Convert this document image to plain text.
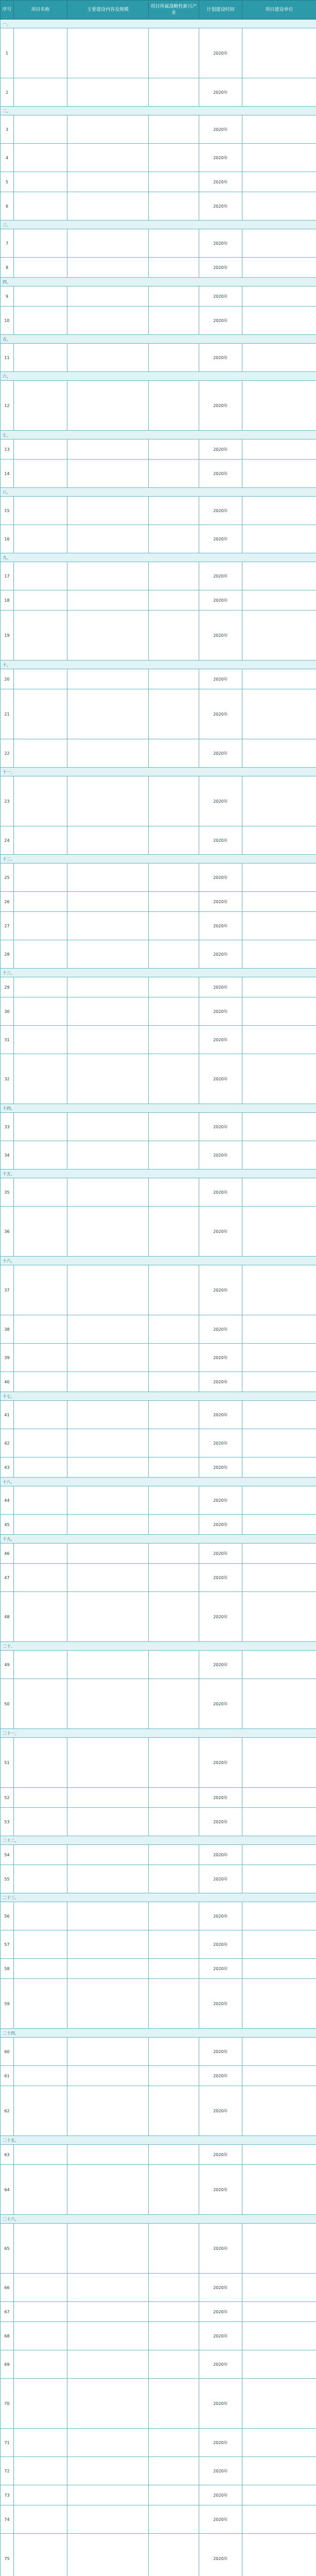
序号	项目名称	主要建设内容及规模	项目所属战略性新兴产业	计划建设时间	项目建设单位
一、					
1				2020年	
2				2020年	
二、					
3				2020年	
4				2020年	
5				2020年	
6				2020年	
三、					
7				2020年	
8				2020年	
四、					
9				2020年	
10				2020年	
五、					
11				2020年	
六、					
12				2020年	
七、					
13				2020年	
14				2020年	
八、					
15				2020年	
16				2020年	
九、					
17				2020年	
18				2020年	
19				2020年	
十、					
20				2020年	
21				2020年	
22				2020年	
十一、					
23				2020年	
24				2020年	
十二、					
25				2020年	
26				2020年	
27				2020年	
28				2020年	
十三、					
29				2020年	
30				2020年	
31				2020年	
32				2020年	
十四、					
33				2020年	
34				2020年	
十五、					
35				2020年	
36				2020年	
十六、					
37				2020年	
38				2020年	
39				2020年	
40				2020年	
十七、					
41				2020年	
42				2020年	
43				2020年	
十八、					
44				2020年	
45				2020年	
十九、					
46				2020年	
47				2020年	
48				2020年	
二十、					
49				2020年	
50				2020年	
二十一、					
51				2020年	
52				2020年	
53				2020年	
二十二、					
54				2020年	
55				2020年	
二十三、					
56				2020年	
57				2020年	
58				2020年	
59				2020年	
二十四、					
60				2020年	
61				2020年	
62				2020年	
二十五、					
63				2020年	
64				2020年	
二十六、					
65				2020年	
66				2020年	
67				2020年	
68				2020年	
69				2020年	
70				2020年	
71				2020年	
72				2020年	
73				2020年	
74				2020年	
75				2020年	
